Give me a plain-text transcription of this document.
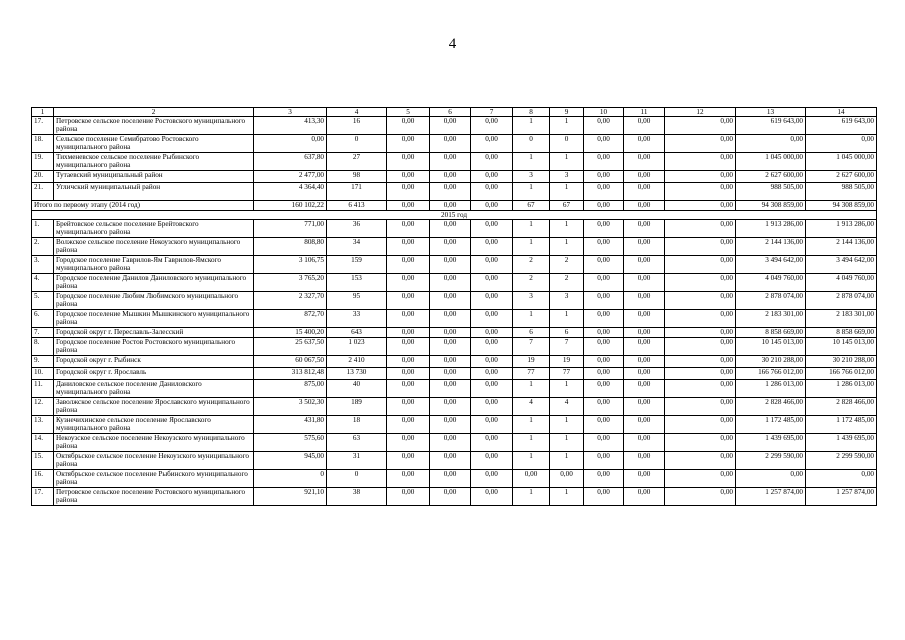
4
1	2	3	4	5	6	7	8	9	10	11	12	13	14
17.	Петровское сельское поселение Ростовского муниципального района	413,30	16	0,00	0,00	0,00	1	1	0,00	0,00	0,00	619 643,00	619 643,00
18.	Сельское поселение Семибратово Ростовского муниципального района	0,00	0	0,00	0,00	0,00	0	0	0,00	0,00	0,00	0,00	0,00
19.	Тихменевское сельское поселение Рыбинского муниципального района	637,80	27	0,00	0,00	0,00	1	1	0,00	0,00	0,00	1 045 000,00	1 045 000,00
20.	Тутаевский муниципальный район	2 477,00	98	0,00	0,00	0,00	3	3	0,00	0,00	0,00	2 627 600,00	2 627 600,00
21.	Угличский муниципальный район	4 364,40	171	0,00	0,00	0,00	1	1	0,00	0,00	0,00	988 505,00	988 505,00
Итого по первому этапу (2014 год)		160 102,22	6 413	0,00	0,00	0,00	67	67	0,00	0,00	0,00	94 308 859,00	94 308 859,00
2015 год													
1.	Брейтовское сельское поселение Брейтовского муниципального района	771,00	36	0,00	0,00	0,00	1	1	0,00	0,00	0,00	1 913 286,00	1 913 286,00
2.	Волжское сельское поселение Некоузского муниципального района	808,80	34	0,00	0,00	0,00	1	1	0,00	0,00	0,00	2 144 136,00	2 144 136,00
3.	Городское поселение Гаврилов-Ям Гаврилов-Ямского муниципального района	3 106,75	159	0,00	0,00	0,00	2	2	0,00	0,00	0,00	3 494 642,00	3 494 642,00
4.	Городское поселение Данилов Даниловского муниципального района	3 765,20	153	0,00	0,00	0,00	2	2	0,00	0,00	0,00	4 049 760,00	4 049 760,00
5.	Городское поселение Любим Любимского муниципального района	2 327,70	95	0,00	0,00	0,00	3	3	0,00	0,00	0,00	2 878 074,00	2 878 074,00
6.	Городское поселение Мышкин Мышкинского муниципального района	872,70	33	0,00	0,00	0,00	1	1	0,00	0,00	0,00	2 183 301,00	2 183 301,00
7.	Городской округ г. Переславль-Залесский	15 400,20	643	0,00	0,00	0,00	6	6	0,00	0,00	0,00	8 858 669,00	8 858 669,00
8.	Городское поселение Ростов Ростовского муниципального района	25 637,50	1 023	0,00	0,00	0,00	7	7	0,00	0,00	0,00	10 145 013,00	10 145 013,00
9.	Городской округ г. Рыбинск	60 067,50	2 410	0,00	0,00	0,00	19	19	0,00	0,00	0,00	30 210 288,00	30 210 288,00
10.	Городской округ г. Ярославль	313 812,48	13 730	0,00	0,00	0,00	77	77	0,00	0,00	0,00	166 766 012,00	166 766 012,00
11.	Даниловское сельское поселение Даниловского муниципального района	875,00	40	0,00	0,00	0,00	1	1	0,00	0,00	0,00	1 286 013,00	1 286 013,00
12.	Заволжское сельское поселение Ярославского муниципального района	3 502,30	189	0,00	0,00	0,00	4	4	0,00	0,00	0,00	2 828 466,00	2 828 466,00
13.	Кузнечихинское сельское поселение Ярославского муниципального района	431,80	18	0,00	0,00	0,00	1	1	0,00	0,00	0,00	1 172 485,00	1 172 485,00
14.	Некоузское сельское поселение Некоузского муниципального района	575,60	63	0,00	0,00	0,00	1	1	0,00	0,00	0,00	1 439 695,00	1 439 695,00
15.	Октябрьское сельское поселение Некоузского муниципального района	945,00	31	0,00	0,00	0,00	1	1	0,00	0,00	0,00	2 299 590,00	2 299 590,00
16.	Октябрьское сельское поселение Рыбинского муниципального района	0	0	0,00	0,00	0,00	0,00	0,00	0,00	0,00	0,00	0,00	0,00
17.	Петровское сельское поселение Ростовского муниципального района	921,10	38	0,00	0,00	0,00	1	1	0,00	0,00	0,00	1 257 874,00	1 257 874,00
